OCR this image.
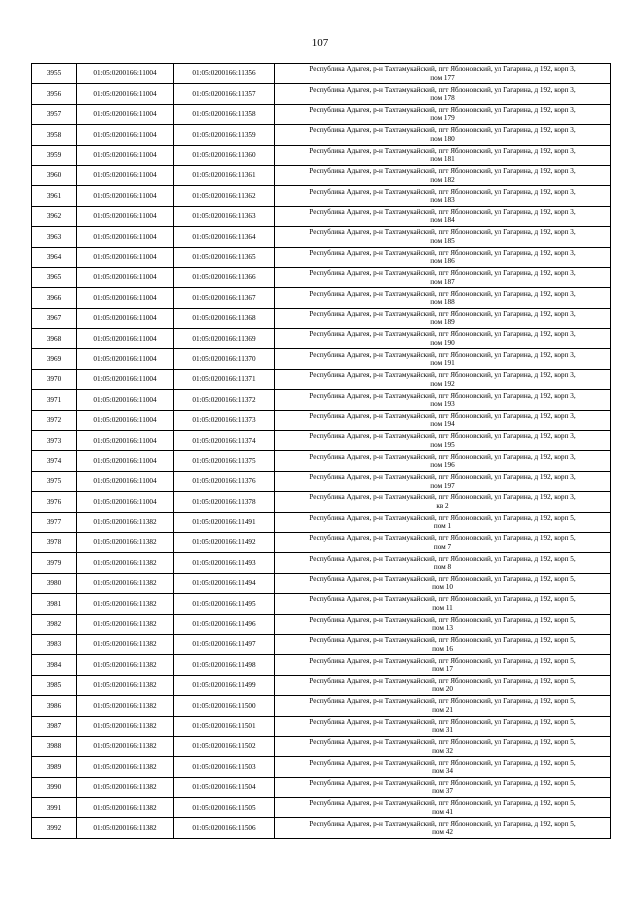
107
3955	01:05:0200166:11004	01:05:0200166:11356	Республика Адыгея, р-н Тахтамукайский, пгт Яблоновский, ул Гагарина, д 192, корп 3,
пом 177

3956	01:05:0200166:11004	01:05:0200166:11357	Республика Адыгея, р-н Тахтамукайский, пгт Яблоновский, ул Гагарина, д 192, корп 3,
пом 178

3957	01:05:0200166:11004	01:05:0200166:11358	Республика Адыгея, р-н Тахтамукайский, пгт Яблоновский, ул Гагарина, д 192, корп 3,
пом 179

3958	01:05:0200166:11004	01:05:0200166:11359	Республика Адыгея, р-н Тахтамукайский, пгт Яблоновский, ул Гагарина, д 192, корп 3,
пом 180

3959	01:05:0200166:11004	01:05:0200166:11360	Республика Адыгея, р-н Тахтамукайский, пгт Яблоновский, ул Гагарина, д 192, корп 3,
пом 181

3960	01:05:0200166:11004	01:05:0200166:11361	Республика Адыгея, р-н Тахтамукайский, пгт Яблоновский, ул Гагарина, д 192, корп 3,
пом 182

3961	01:05:0200166:11004	01:05:0200166:11362	Республика Адыгея, р-н Тахтамукайский, пгт Яблоновский, ул Гагарина, д 192, корп 3,
пом 183

3962	01:05:0200166:11004	01:05:0200166:11363	Республика Адыгея, р-н Тахтамукайский, пгт Яблоновский, ул Гагарина, д 192, корп 3,
пом 184

3963	01:05:0200166:11004	01:05:0200166:11364	Республика Адыгея, р-н Тахтамукайский, пгт Яблоновский, ул Гагарина, д 192, корп 3,
пом 185

3964	01:05:0200166:11004	01:05:0200166:11365	Республика Адыгея, р-н Тахтамукайский, пгт Яблоновский, ул Гагарина, д 192, корп 3,
пом 186

3965	01:05:0200166:11004	01:05:0200166:11366	Республика Адыгея, р-н Тахтамукайский, пгт Яблоновский, ул Гагарина, д 192, корп 3,
пом 187

3966	01:05:0200166:11004	01:05:0200166:11367	Республика Адыгея, р-н Тахтамукайский, пгт Яблоновский, ул Гагарина, д 192, корп 3,
пом 188

3967	01:05:0200166:11004	01:05:0200166:11368	Республика Адыгея, р-н Тахтамукайский, пгт Яблоновский, ул Гагарина, д 192, корп 3,
пом 189

3968	01:05:0200166:11004	01:05:0200166:11369	Республика Адыгея, р-н Тахтамукайский, пгт Яблоновский, ул Гагарина, д 192, корп 3,
пом 190

3969	01:05:0200166:11004	01:05:0200166:11370	Республика Адыгея, р-н Тахтамукайский, пгт Яблоновский, ул Гагарина, д 192, корп 3,
пом 191

3970	01:05:0200166:11004	01:05:0200166:11371	Республика Адыгея, р-н Тахтамукайский, пгт Яблоновский, ул Гагарина, д 192, корп 3,
пом 192

3971	01:05:0200166:11004	01:05:0200166:11372	Республика Адыгея, р-н Тахтамукайский, пгт Яблоновский, ул Гагарина, д 192, корп 3,
пом 193

3972	01:05:0200166:11004	01:05:0200166:11373	Республика Адыгея, р-н Тахтамукайский, пгт Яблоновский, ул Гагарина, д 192, корп 3,
пом 194

3973	01:05:0200166:11004	01:05:0200166:11374	Республика Адыгея, р-н Тахтамукайский, пгт Яблоновский, ул Гагарина, д 192, корп 3,
пом 195

3974	01:05:0200166:11004	01:05:0200166:11375	Республика Адыгея, р-н Тахтамукайский, пгт Яблоновский, ул Гагарина, д 192, корп 3,
пом 196

3975	01:05:0200166:11004	01:05:0200166:11376	Республика Адыгея, р-н Тахтамукайский, пгт Яблоновский, ул Гагарина, д 192, корп 3,
пом 197

3976	01:05:0200166:11004	01:05:0200166:11378	Республика Адыгея, р-н Тахтамукайский, пгт Яблоновский, ул Гагарина, д 192, корп 3,
кв 2

3977	01:05:0200166:11382	01:05:0200166:11491	Республика Адыгея, р-н Тахтамукайский, пгт Яблоновский, ул Гагарина, д 192, корп 5,
пом 1

3978	01:05:0200166:11382	01:05:0200166:11492	Республика Адыгея, р-н Тахтамукайский, пгт Яблоновский, ул Гагарина, д 192, корп 5,
пом 7

3979	01:05:0200166:11382	01:05:0200166:11493	Республика Адыгея, р-н Тахтамукайский, пгт Яблоновский, ул Гагарина, д 192, корп 5,
пом 8

3980	01:05:0200166:11382	01:05:0200166:11494	Республика Адыгея, р-н Тахтамукайский, пгт Яблоновский, ул Гагарина, д 192, корп 5,
пом 10

3981	01:05:0200166:11382	01:05:0200166:11495	Республика Адыгея, р-н Тахтамукайский, пгт Яблоновский, ул Гагарина, д 192, корп 5,
пом 11

3982	01:05:0200166:11382	01:05:0200166:11496	Республика Адыгея, р-н Тахтамукайский, пгт Яблоновский, ул Гагарина, д 192, корп 5,
пом 13

3983	01:05:0200166:11382	01:05:0200166:11497	Республика Адыгея, р-н Тахтамукайский, пгт Яблоновский, ул Гагарина, д 192, корп 5,
пом 16

3984	01:05:0200166:11382	01:05:0200166:11498	Республика Адыгея, р-н Тахтамукайский, пгт Яблоновский, ул Гагарина, д 192, корп 5,
пом 17

3985	01:05:0200166:11382	01:05:0200166:11499	Республика Адыгея, р-н Тахтамукайский, пгт Яблоновский, ул Гагарина, д 192, корп 5,
пом 20

3986	01:05:0200166:11382	01:05:0200166:11500	Республика Адыгея, р-н Тахтамукайский, пгт Яблоновский, ул Гагарина, д 192, корп 5,
пом 21

3987	01:05:0200166:11382	01:05:0200166:11501	Республика Адыгея, р-н Тахтамукайский, пгт Яблоновский, ул Гагарина, д 192, корп 5,
пом 31

3988	01:05:0200166:11382	01:05:0200166:11502	Республика Адыгея, р-н Тахтамукайский, пгт Яблоновский, ул Гагарина, д 192, корп 5,
пом 32

3989	01:05:0200166:11382	01:05:0200166:11503	Республика Адыгея, р-н Тахтамукайский, пгт Яблоновский, ул Гагарина, д 192, корп 5,
пом 34

3990	01:05:0200166:11382	01:05:0200166:11504	Республика Адыгея, р-н Тахтамукайский, пгт Яблоновский, ул Гагарина, д 192, корп 5,
пом 37

3991	01:05:0200166:11382	01:05:0200166:11505	Республика Адыгея, р-н Тахтамукайский, пгт Яблоновский, ул Гагарина, д 192, корп 5,
пом 41

3992	01:05:0200166:11382	01:05:0200166:11506	Республика Адыгея, р-н Тахтамукайский, пгт Яблоновский, ул Гагарина, д 192, корп 5,
пом 42
